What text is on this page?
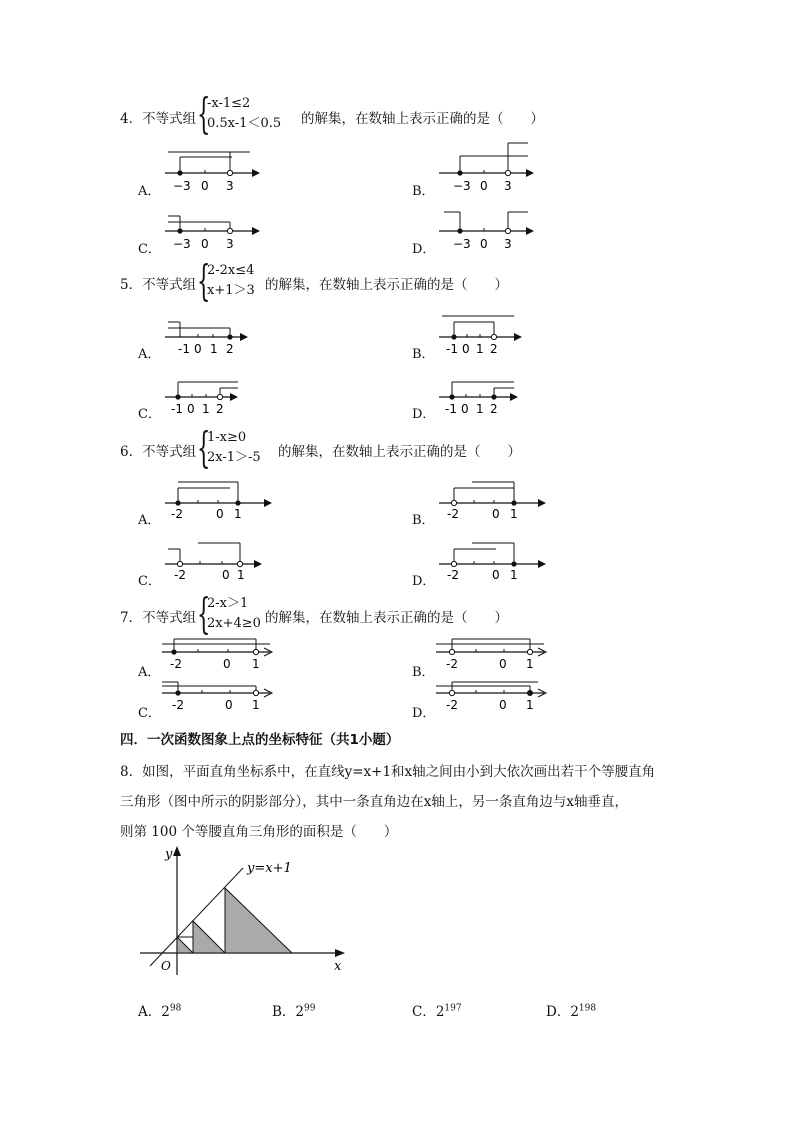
4．不等式组 {
-x-1≤2
0.5x-1＜0.5 的解集，在数轴上表示正确的是（　　）
A． −3 0 3	B． −3 0 3
C． −3 0 3	D． −3 0 3
5．不等式组 {
2-2x≤4
x+1＞3 的解集，在数轴上表示正确的是（　　）
A． -1 0 1 2	B． -1 0 1 2
C． -1 0 1 2	D． -1 0 1 2
6．不等式组 {
1-x≥0
2x-1＞-5 的解集，在数轴上表示正确的是（　　）
A． -2	0 1	B． -2	0 1
C． -2	0 1	D． -2	0 1
7．不等式组 {
2-x＞1
2x+4≥0 的解集，在数轴上表示正确的是（　　）
A．
-2	0 1
B．
-2	0 1
C．
-2	0 1
D．
-2	0 1
四．一次函数图象上点的坐标特征（共1小题）
8．如图，平面直角坐标系中，在直线y=x+1和x轴之间由小到大依次画出若干个等腰直角
三角形（图中所示的阴影部分），其中一条直角边在x轴上，另一条直角边与x轴垂直，
则第 100 个等腰直角三角形的面积是（　　）
y
x
O
y=x+1
A．$2^{98}$	B．$2^{99}$	C．$2^{197}$	D．$2^{198}$
